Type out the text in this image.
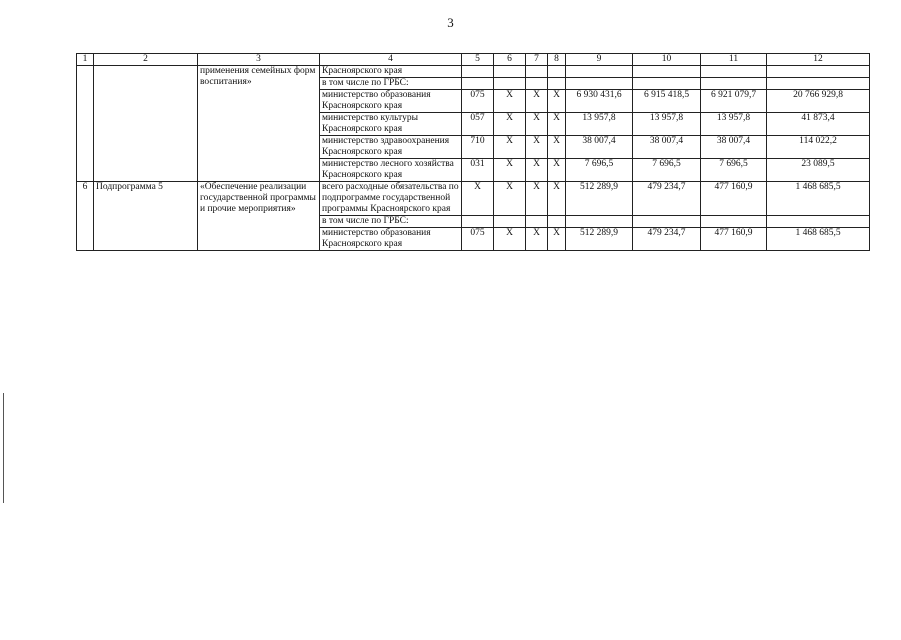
3
1	2	3	4	5	6	7	8	9	10	11	12
		применения семейных форм воспитания»	Красноярского края								
			в том числе по ГРБС:								
			министерство образования Красноярского края	075	X	X	X	6 930 431,6	6 915 418,5	6 921 079,7	20 766 929,8
			министерство культуры Красноярского края	057	X	X	X	13 957,8	13 957,8	13 957,8	41 873,4
			министерство здравоохранения Красноярского края	710	X	X	X	38 007,4	38 007,4	38 007,4	114 022,2
			министерство лесного хозяйства Красноярского края	031	X	X	X	7 696,5	7 696,5	7 696,5	23 089,5
6	Подпрограмма 5	«Обеспечение реализации государственной программы и прочие мероприятия»	всего расходные обязательства по подпрограмме государственной программы Красноярского края	X	X	X	X	512 289,9	479 234,7	477 160,9	1 468 685,5
			в том числе по ГРБС:								
			министерство образования Красноярского края	075	X	X	X	512 289,9	479 234,7	477 160,9	1 468 685,5
